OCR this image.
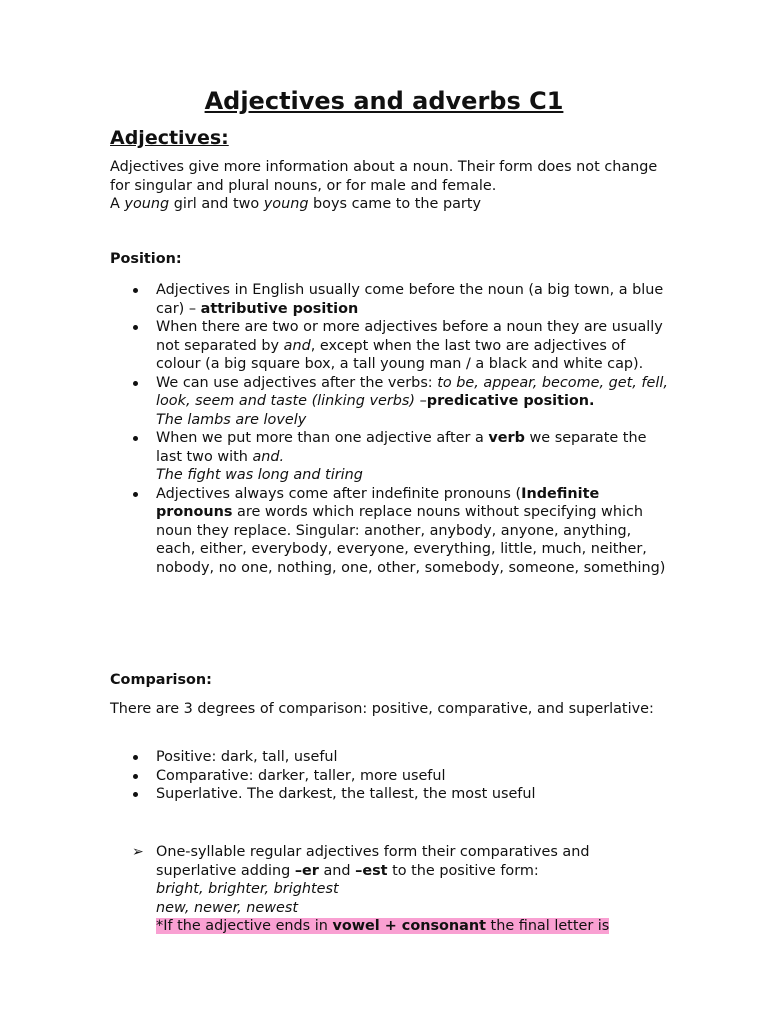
Adjectives and adverbs C1
Adjectives:
Adjectives give more information about a noun. Their form does not change for singular and plural nouns, or for male and female.
A young girl and two young boys came to the party
Position:
Adjectives in English usually come before the noun (a big town, a blue car) – attributive position
When there are two or more adjectives before a noun they are usually not separated by and, except when the last two are adjectives of colour (a big square box, a tall young man / a black and white cap).
We can use adjectives after the verbs: to be, appear, become, get, fell, look, seem and taste (linking verbs) –predicative position.
The lambs are lovely
When we put more than one adjective after a verb we separate the last two with and.
The fight was long and tiring
Adjectives always come after indefinite pronouns (Indefinite pronouns are words which replace nouns without specifying which noun they replace. Singular: another, anybody, anyone, anything, each, either, everybody, everyone, everything, little, much, neither, nobody, no one, nothing, one, other, somebody, someone, something)
Comparison:
There are 3 degrees of comparison: positive, comparative, and superlative:
Positive: dark, tall, useful
Comparative: darker, taller, more useful
Superlative. The darkest, the tallest, the most useful
➢ One-syllable regular adjectives form their comparatives and superlative adding –er and –est to the positive form:
bright, brighter, brightest
new, newer, newest
*If the adjective ends in vowel + consonant the final letter is
